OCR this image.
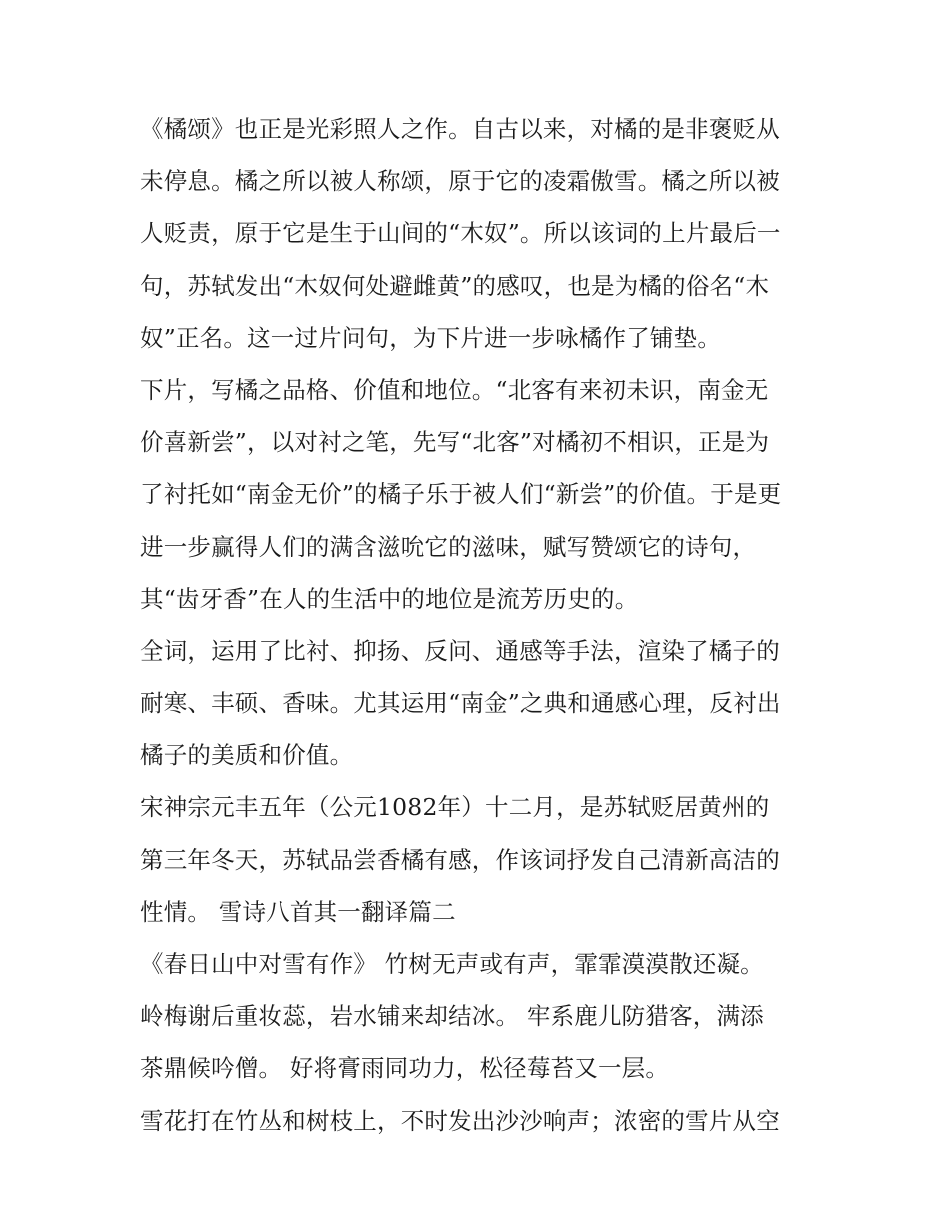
《橘颂》也正是光彩照人之作。自古以来，对橘的是非褒贬从
未停息。橘之所以被人称颂，原于它的凌霜傲雪。橘之所以被
人贬责，原于它是生于山间的“木奴”。所以该词的上片最后一
句，苏轼发出“木奴何处避雌黄”的感叹，也是为橘的俗名“木
奴”正名。这一过片问句，为下片进一步咏橘作了铺垫。
下片，写橘之品格、价值和地位。“北客有来初未识，南金无
价喜新尝”，以对衬之笔，先写“北客”对橘初不相识，正是为
了衬托如“南金无价”的橘子乐于被人们“新尝”的价值。于是更
进一步赢得人们的满含滋吮它的滋味，赋写赞颂它的诗句，
其“齿牙香”在人的生活中的地位是流芳历史的。
全词，运用了比衬、抑扬、反问、通感等手法，渲染了橘子的
耐寒、丰硕、香味。尤其运用“南金”之典和通感心理，反衬出
橘子的美质和价值。
宋神宗元丰五年（公元1082年）十二月，是苏轼贬居黄州的
第三年冬天，苏轼品尝香橘有感，作该词抒发自己清新高洁的
性情。 雪诗八首其一翻译篇二
《春日山中对雪有作》 竹树无声或有声，霏霏漠漠散还凝。
岭梅谢后重妆蕊，岩水铺来却结冰。 牢系鹿儿防猎客，满添
茶鼎候吟僧。 好将膏雨同功力，松径莓苔又一层。
雪花打在竹丛和树枝上，不时发出沙沙响声；浓密的雪片从空
